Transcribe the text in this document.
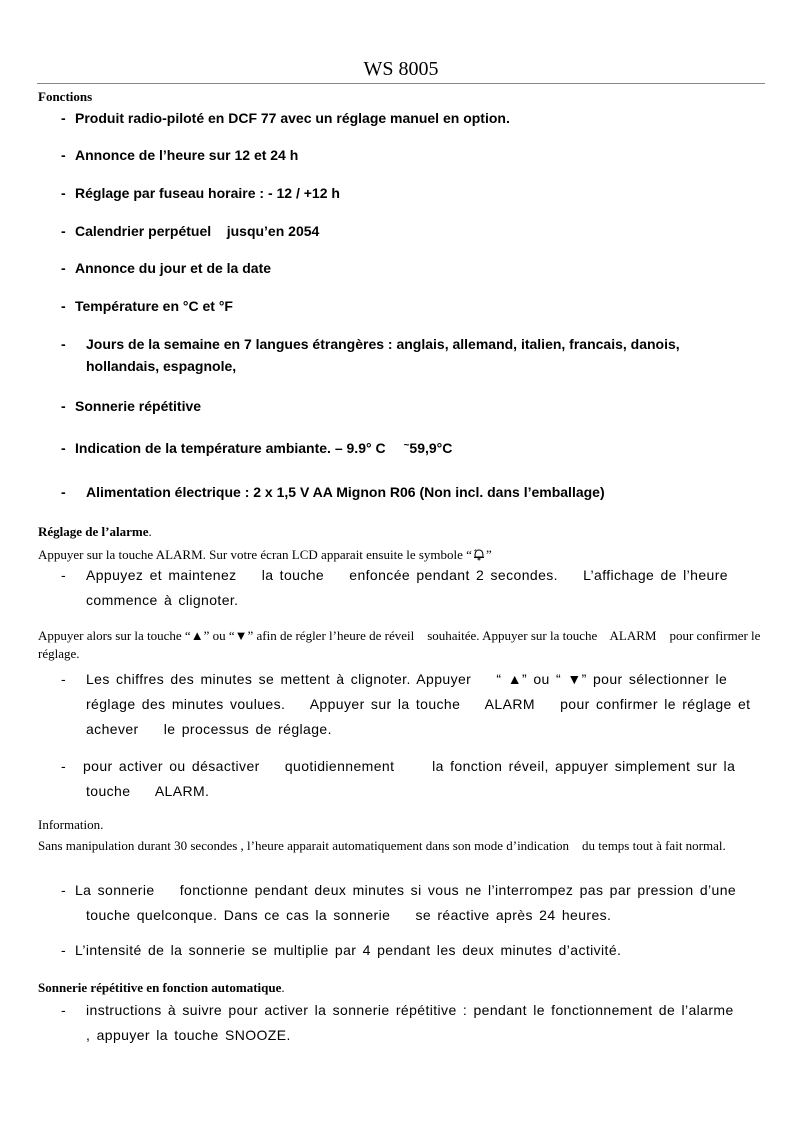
WS 8005
Fonctions
- Produit radio-piloté en DCF 77 avec un réglage manuel en option.
- Annonce de l’heure sur 12 et 24 h
- Réglage par fuseau horaire : - 12 / +12 h
- Calendrier perpétuel    jusqu’en 2054
- Annonce du jour et de la date
- Température en °C et °F
- Jours de la semaine en 7 langues étrangères : anglais, allemand, italien, francais, danois,
hollandais, espagnole,
- Sonnerie répétitive
- Indication de la température ambiante. – 9.9° C ~59,9°C
- Alimentation électrique : 2 x 1,5 V AA Mignon R06 (Non incl. dans l’emballage)
Réglage de l’alarme.
Appuyer sur la touche ALARM. Sur votre écran LCD apparait ensuite le symbole “ ”
-	Appuyez et maintenez    la touche    enfoncée pendant 2 secondes.    L’affichage de l’heure
commence à clignoter.
Appuyer alors sur la touche “▲” ou “▼” afin de régler l’heure de réveil    souhaitée. Appuyer sur la touche    ALARM    pour confirmer le réglage.
-	Les chiffres des minutes se mettent à clignoter. Appuyer    “ ▲” ou “ ▼” pour sélectionner le
réglage des minutes voulues.    Appuyer sur la touche    ALARM    pour confirmer le réglage et
achever    le processus de réglage.
-	pour activer ou désactiver    quotidiennement      la fonction réveil, appuyer simplement sur la
touche    ALARM.
Information.
Sans manipulation durant 30 secondes , l’heure apparait automatiquement dans son mode d’indication    du temps tout à fait normal.
- La sonnerie    fonctionne pendant deux minutes si vous ne l’interrompez pas par pression d’une
touche quelconque. Dans ce cas la sonnerie    se réactive après 24 heures.
- L’intensité de la sonnerie se multiplie par 4 pendant les deux minutes d’activité.
Sonnerie répétitive en fonction automatique.
-	instructions à suivre pour activer la sonnerie répétitive : pendant le fonctionnement de l’alarme
, appuyer la touche SNOOZE.
